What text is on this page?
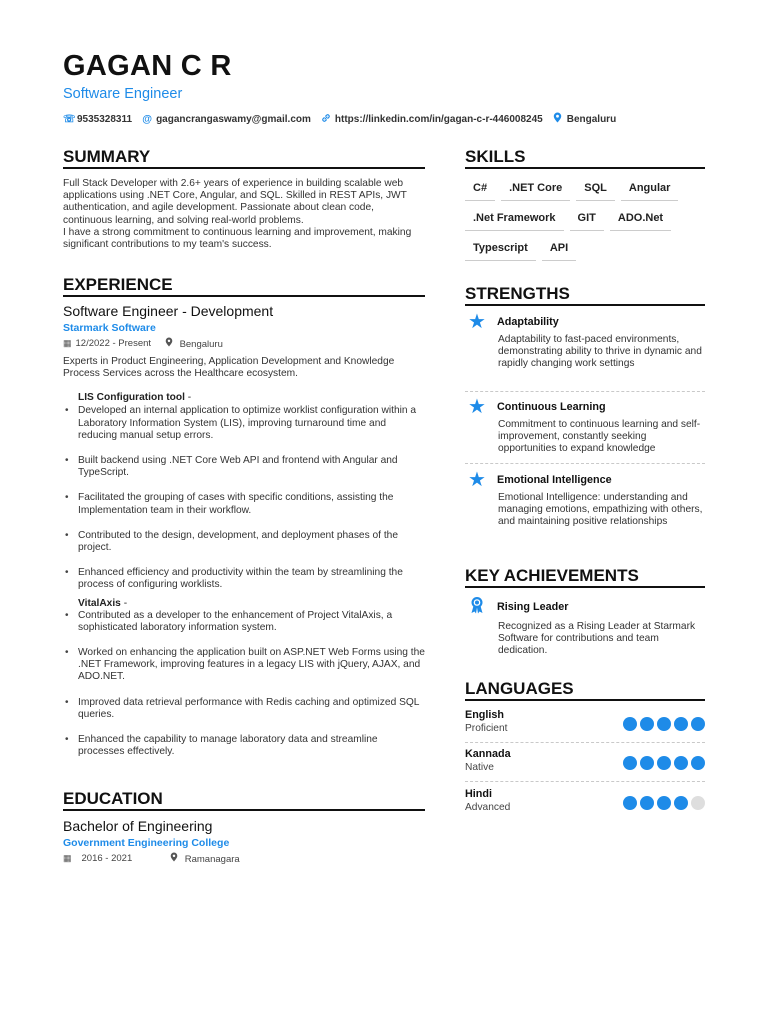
GAGAN C R
Software Engineer
☏ 9535328311 @ gagancrangaswamy@gmail.com https://linkedin.com/in/gagan-c-r-446008245 Bengaluru
SUMMARY
Full Stack Developer with 2.6+ years of experience in building scalable web applications using .NET Core, Angular, and SQL. Skilled in REST APIs, JWT authentication, and agile development. Passionate about clean code, continuous learning, and solving real-world problems.
I have a strong commitment to continuous learning and improvement, making significant contributions to my team's success.
EXPERIENCE
Software Engineer - Development
Starmark Software
▦ 12/2022 - Present	Bengaluru
Experts in Product Engineering, Application Development and Knowledge Process Services across the Healthcare ecosystem.
LIS Configuration tool -
• Developed an internal application to optimize worklist configuration within a Laboratory Information System (LIS), improving turnaround time and reducing manual setup errors.
• Built backend using .NET Core Web API and frontend with Angular and TypeScript.
• Facilitated the grouping of cases with specific conditions, assisting the Implementation team in their workflow.
• Contributed to the design, development, and deployment phases of the project.
• Enhanced efficiency and productivity within the team by streamlining the process of configuring worklists.
VitalAxis -
• Contributed as a developer to the enhancement of Project VitalAxis, a sophisticated laboratory information system.
• Worked on enhancing the application built on ASP.NET Web Forms using the .NET Framework, improving features in a legacy LIS with jQuery, AJAX, and ADO.NET.
• Improved data retrieval performance with Redis caching and optimized SQL queries.
• Enhanced the capability to manage laboratory data and streamline processes effectively.
EDUCATION
Bachelor of Engineering
Government Engineering College
▦ 2016 - 2021	Ramanagara
SKILLS
C#	.NET Core	SQL	Angular
.Net Framework	GIT	ADO.Net
Typescript	API
STRENGTHS
★ Adaptability
Adaptability to fast-paced environments, demonstrating ability to thrive in dynamic and rapidly changing work settings
★ Continuous Learning
Commitment to continuous learning and self-improvement, constantly seeking opportunities to expand knowledge
★ Emotional Intelligence
Emotional Intelligence: understanding and managing emotions, empathizing with others, and maintaining positive relationships
KEY ACHIEVEMENTS
Rising Leader
Recognized as a Rising Leader at Starmark Software for contributions and team dedication.
LANGUAGES
English
Proficient
Kannada
Native
Hindi
Advanced
